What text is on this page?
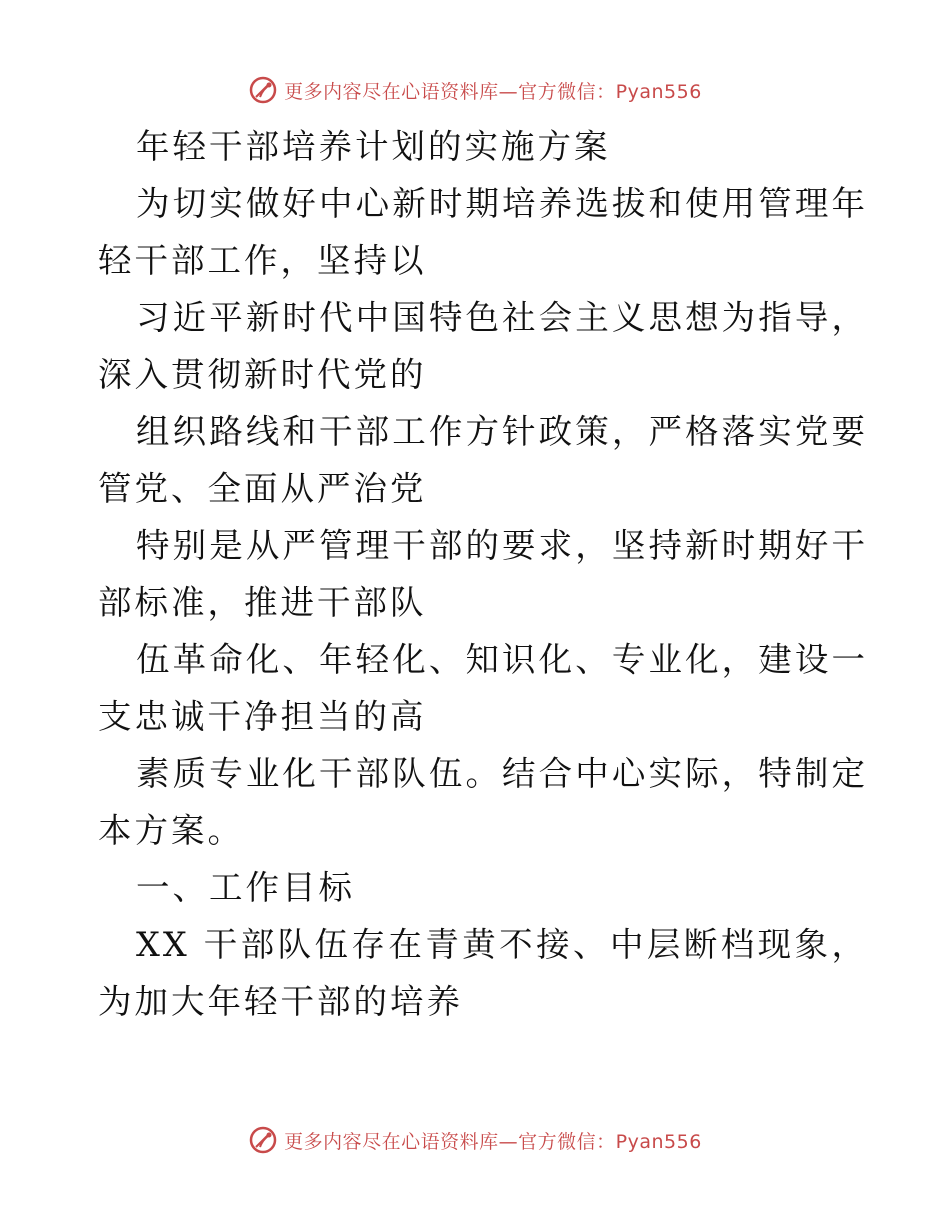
更多内容尽在心语资料库—官方微信：Pyan556

年轻干部培养计划的实施方案

为切实做好中心新时期培养选拔和使用管理年轻干部工作，坚持以

习近平新时代中国特色社会主义思想为指导，深入贯彻新时代党的

组织路线和干部工作方针政策，严格落实党要管党、全面从严治党

特别是从严管理干部的要求，坚持新时期好干部标准，推进干部队

伍革命化、年轻化、知识化、专业化，建设一支忠诚干净担当的高

素质专业化干部队伍。结合中心实际，特制定本方案。

一、工作目标

XX 干部队伍存在青黄不接、中层断档现象，为加大年轻干部的培养

更多内容尽在心语资料库—官方微信：Pyan556
